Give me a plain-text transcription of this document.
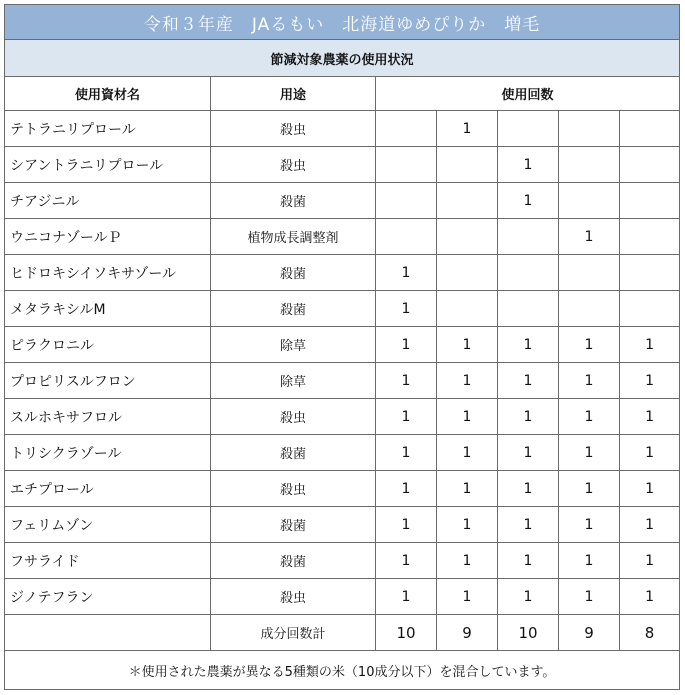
令和３年産　JAるもい　北海道ゆめぴりか　増毛						
節減対象農薬の使用状況						
使用資材名	用途	使用回数				
テトラニリプロール	殺虫		1			
シアントラニリプロール	殺虫			1		
チアジニル	殺菌			1		
ウニコナゾールＰ	植物成長調整剤				1	
ヒドロキシイソキサゾール	殺菌	1				
メタラキシルM	殺菌	1				
ピラクロニル	除草	1	1	1	1	1
プロピリスルフロン	除草	1	1	1	1	1
スルホキサフロル	殺虫	1	1	1	1	1
トリシクラゾール	殺菌	1	1	1	1	1
エチプロール	殺虫	1	1	1	1	1
フェリムゾン	殺菌	1	1	1	1	1
フサライド	殺菌	1	1	1	1	1
ジノテフラン	殺虫	1	1	1	1	1
	成分回数計	10	9	10	9	8
＊使用された農薬が異なる5種類の米（10成分以下）を混合しています。						
